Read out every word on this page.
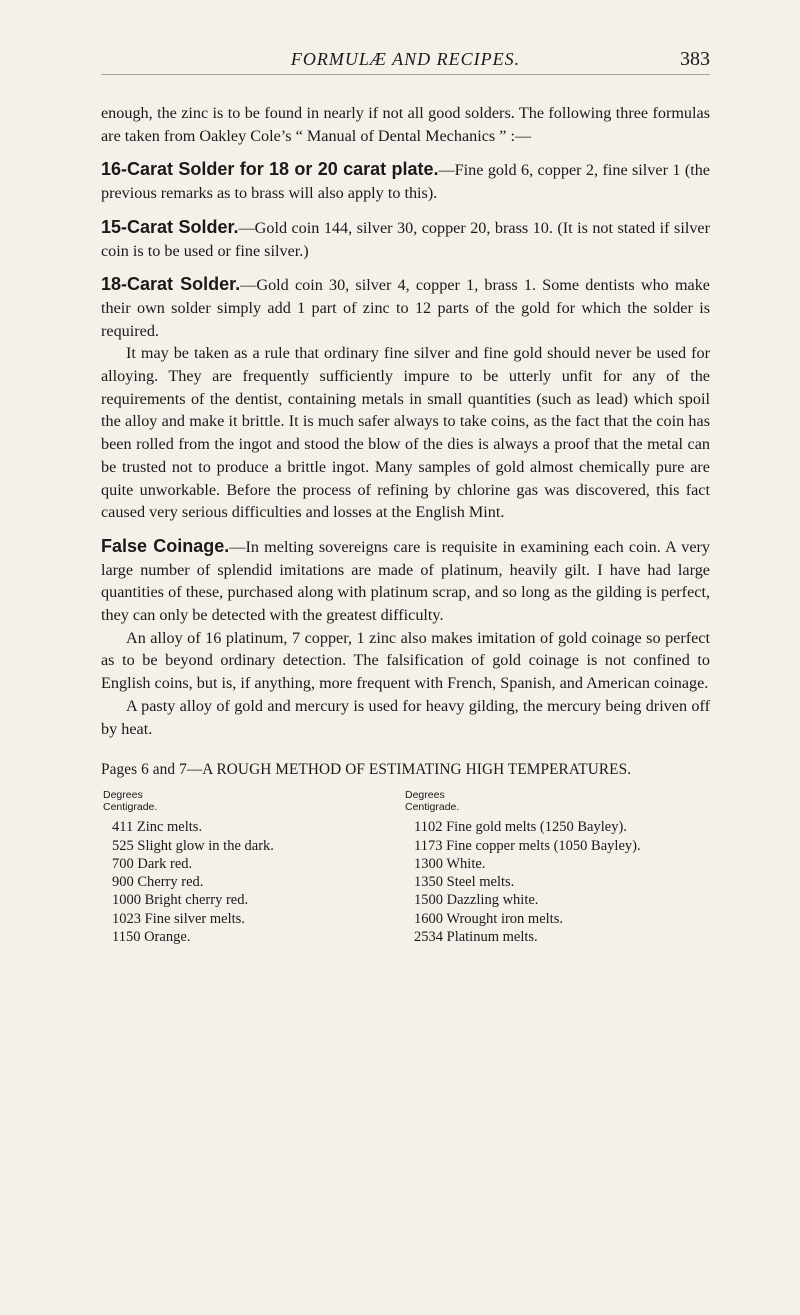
FORMULÆ AND RECIPES.	383

enough, the zinc is to be found in nearly if not all good solders. The following three formulas are taken from Oakley Cole’s “ Manual of Dental Mechanics ” :—

16-Carat Solder for 18 or 20 carat plate.—Fine gold 6, copper 2, fine silver 1 (the previous remarks as to brass will also apply to this).

15-Carat Solder.—Gold coin 144, silver 30, copper 20, brass 10. (It is not stated if silver coin is to be used or fine silver.)

18-Carat Solder.—Gold coin 30, silver 4, copper 1, brass 1. Some dentists who make their own solder simply add 1 part of zinc to 12 parts of the gold for which the solder is required.

It may be taken as a rule that ordinary fine silver and fine gold should never be used for alloying. They are frequently sufficiently impure to be utterly unfit for any of the requirements of the dentist, containing metals in small quantities (such as lead) which spoil the alloy and make it brittle. It is much safer always to take coins, as the fact that the coin has been rolled from the ingot and stood the blow of the dies is always a proof that the metal can be trusted not to produce a brittle ingot. Many samples of gold almost chemically pure are quite unworkable. Before the process of refining by chlorine gas was discovered, this fact caused very serious difficulties and losses at the English Mint.

False Coinage.—In melting sovereigns care is requisite in examining each coin. A very large number of splendid imitations are made of platinum, heavily gilt. I have had large quantities of these, purchased along with platinum scrap, and so long as the gilding is perfect, they can only be detected with the greatest difficulty.

An alloy of 16 platinum, 7 copper, 1 zinc also makes imitation of gold coinage so perfect as to be beyond ordinary detection. The falsification of gold coinage is not confined to English coins, but is, if anything, more frequent with French, Spanish, and American coinage.

A pasty alloy of gold and mercury is used for heavy gilding, the mercury being driven off by heat.

Pages 6 and 7—A ROUGH METHOD OF ESTIMATING HIGH TEMPERATURES.
Degrees
Centigrade.
411 Zinc melts.
525 Slight glow in the dark.
700 Dark red.
900 Cherry red.
1000 Bright cherry red.
1023 Fine silver melts.
1150 Orange.
Degrees
Centigrade.
1102 Fine gold melts (1250 Bayley).
1173 Fine copper melts (1050 Bayley).
1300 White.
1350 Steel melts.
1500 Dazzling white.
1600 Wrought iron melts.
2534 Platinum melts.
